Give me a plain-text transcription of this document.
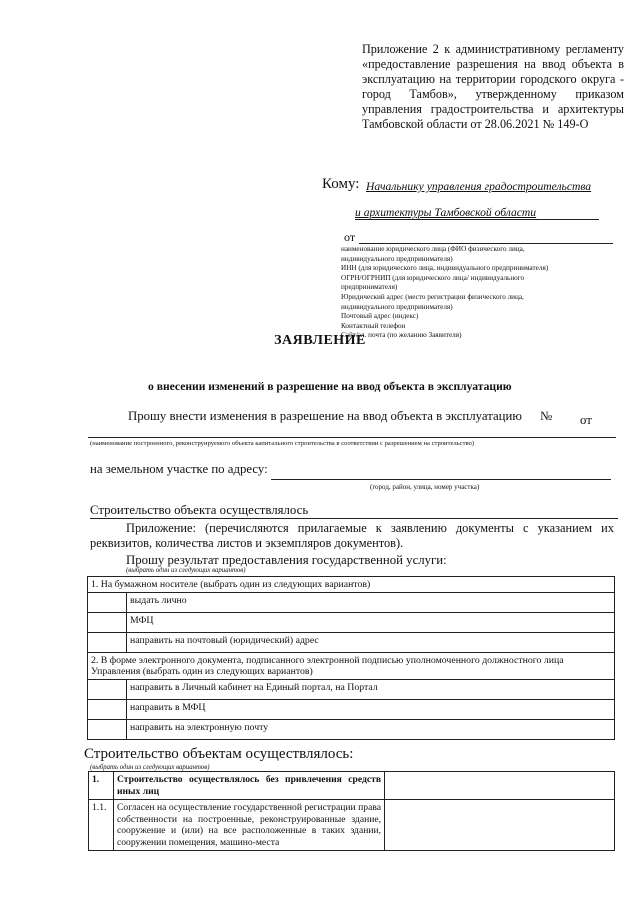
Приложение 2 к административному регламенту «предоставление разрешения на ввод объекта в эксплуатацию на территории городского округа - город Тамбов», утвержденному приказом управления градостроительства и архитектуры Тамбовской области от 28.06.2021 № 149-О
Кому: Начальнику управления градостроительства
и архитектуры Тамбовской области
от
наименование юридического лица (ФИО физического лица,
индивидуального предпринимателя)
ИНН (для юридического лица, индивидуального предпринимателя)
ОГРН/ОГРНИП (для юридического лица/ индивидуального
предпринимателя)
Юридический адрес (место регистрации физического лица,
индивидуального предпринимателя)
Почтовый адрес (индекс)
Контактный телефон
Сайт/эл. почта (по желанию Заявителя)
ЗАЯВЛЕНИЕ
о внесении изменений в разрешение на ввод объекта в эксплуатацию
Прошу внести изменения в разрешение на ввод объекта в эксплуатацию № от
(наименование построенного, реконструируемого объекта капитального строительства в соответствии с разрешением на строительство)
на земельном участке по адресу:
(город, район, улица, номер участка)
Строительство объекта осуществлялось
Приложение: (перечисляются прилагаемые к заявлению документы с указанием их реквизитов, количества листов и экземпляров документов).
Прошу результат предоставления государственной услуги:
(выбрать один из следующих вариантов)
1. На бумажном носителе (выбрать один из следующих вариантов)	
	выдать лично
	МФЦ
	направить на почтовый (юридический) адрес
2. В форме электронного документа, подписанного электронной подписью уполномоченного должностного лица Управления (выбрать один из следующих вариантов)	
	направить в Личный кабинет на Единый портал, на Портал
	направить в МФЦ
	направить на электронную почту
Строительство объектам осуществлялось:
(выбрать один из следующих вариантов)
1.	Строительство осуществлялось без привлечения средств иных лиц	
1.1.	Согласен на осуществление государственной регистрации права собственности на построенные, реконструированные здание, сооружение и (или) на все расположенные в таких здании, сооружении помещения, машино-места	
